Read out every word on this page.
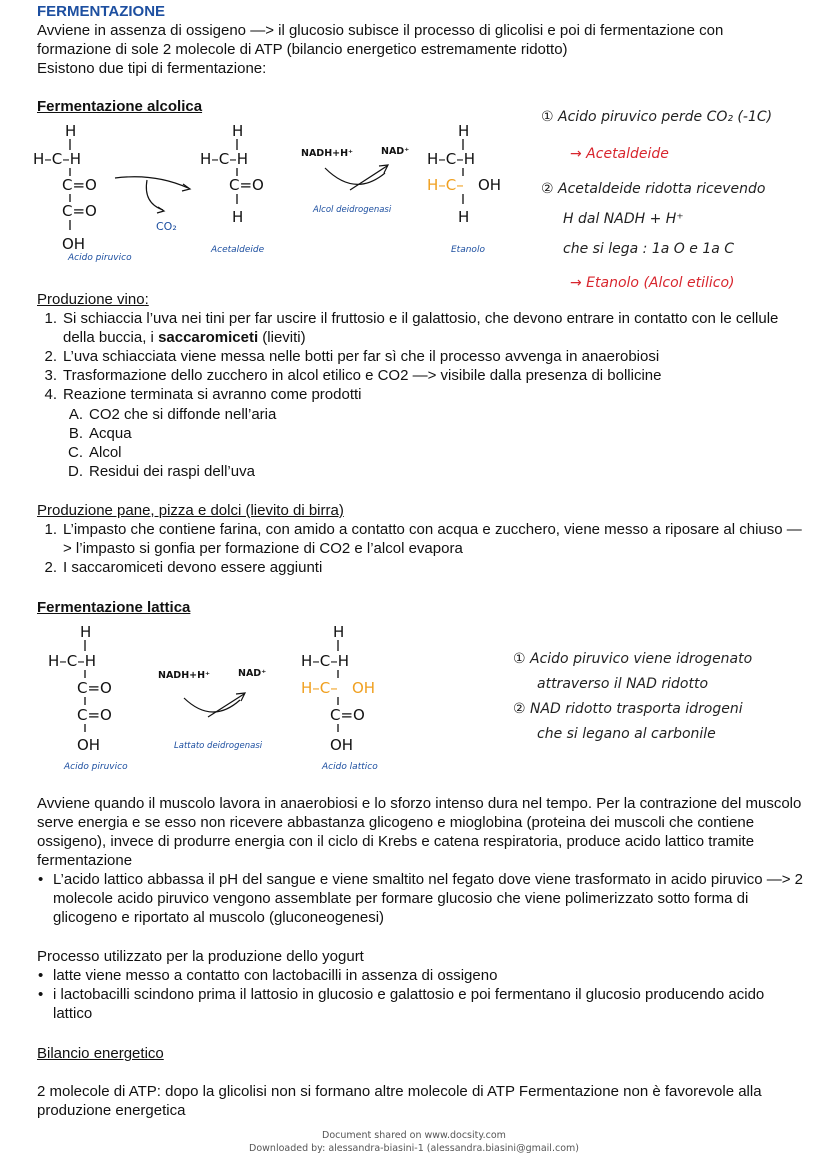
FERMENTAZIONE
Avviene in assenza di ossigeno —> il glucosio subisce il processo di glicolisi e poi di fermentazione con
formazione di sole 2 molecole di ATP (bilancio energetico estremamente ridotto)
Esistono due tipi di fermentazione:
Fermentazione alcolica
H
H–C–H
C=O
C=O
OH
H
H–C–H
C=O
H
H
H–C–H
H–C– OH
H
Acido piruvico
CO₂
Acetaldeide
NADH+H⁺	NAD⁺
Alcol deidrogenasi
Etanolo
① Acido piruvico perde CO₂ (-1C)
→ Acetaldeide
② Acetaldeide ridotta ricevendo
H dal NADH + H⁺
che si lega : 1a O e 1a C
→ Etanolo (Alcol etilico)
Produzione vino:
1. Si schiaccia l’uva nei tini per far uscire il fruttosio e il galattosio, che devono entrare in contatto con le cellule della buccia, i saccaromiceti (lieviti)
2. L’uva schiacciata viene messa nelle botti per far sì che il processo avvenga in anaerobiosi
3. Trasformazione dello zucchero in alcol etilico e CO2 —> visibile dalla presenza di bollicine
4. Reazione terminata si avranno come prodotti
A. CO2 che si diffonde nell’aria
B. Acqua
C. Alcol
D. Residui dei raspi dell’uva
Produzione pane, pizza e dolci (lievito di birra)
1. L’impasto che contiene farina, con amido a contatto con acqua e zucchero, viene messo a riposare al chiuso —> l’impasto si gonfia per formazione di CO2 e l’alcol evapora
2. I saccaromiceti devono essere aggiunti
Fermentazione lattica
H
H–C–H
C=O
C=O
OH
H
H–C–H
H–C– OH
C=O
OH
NADH+H⁺	NAD⁺
Lattato deidrogenasi
Acido piruvico	Acido lattico
① Acido piruvico viene idrogenato
attraverso il NAD ridotto
② NAD ridotto trasporta idrogeni
che si legano al carbonile
Avviene quando il muscolo lavora in anaerobiosi e lo sforzo intenso dura nel tempo. Per la contrazione del muscolo serve energia e se esso non ricevere abbastanza glicogeno e mioglobina (proteina dei muscoli che contiene ossigeno), invece di produrre energia con il ciclo di Krebs e catena respiratoria, produce acido lattico tramite fermentazione
• L’acido lattico abbassa il pH del sangue e viene smaltito nel fegato dove viene trasformato in acido piruvico —> 2 molecole acido piruvico vengono assemblate per formare glucosio che viene polimerizzato sotto forma di glicogeno e riportato al muscolo (gluconeogenesi)
Processo utilizzato per la produzione dello yogurt
• latte viene messo a contatto con lactobacilli in assenza di ossigeno
• i lactobacilli scindono prima il lattosio in glucosio e galattosio e poi fermentano il glucosio producendo acido lattico
Bilancio energetico
2 molecole di ATP: dopo la glicolisi non si formano altre molecole di ATP Fermentazione non è favorevole alla produzione energetica
Document shared on www.docsity.com
Downloaded by: alessandra-biasini-1 (alessandra.biasini@gmail.com)
